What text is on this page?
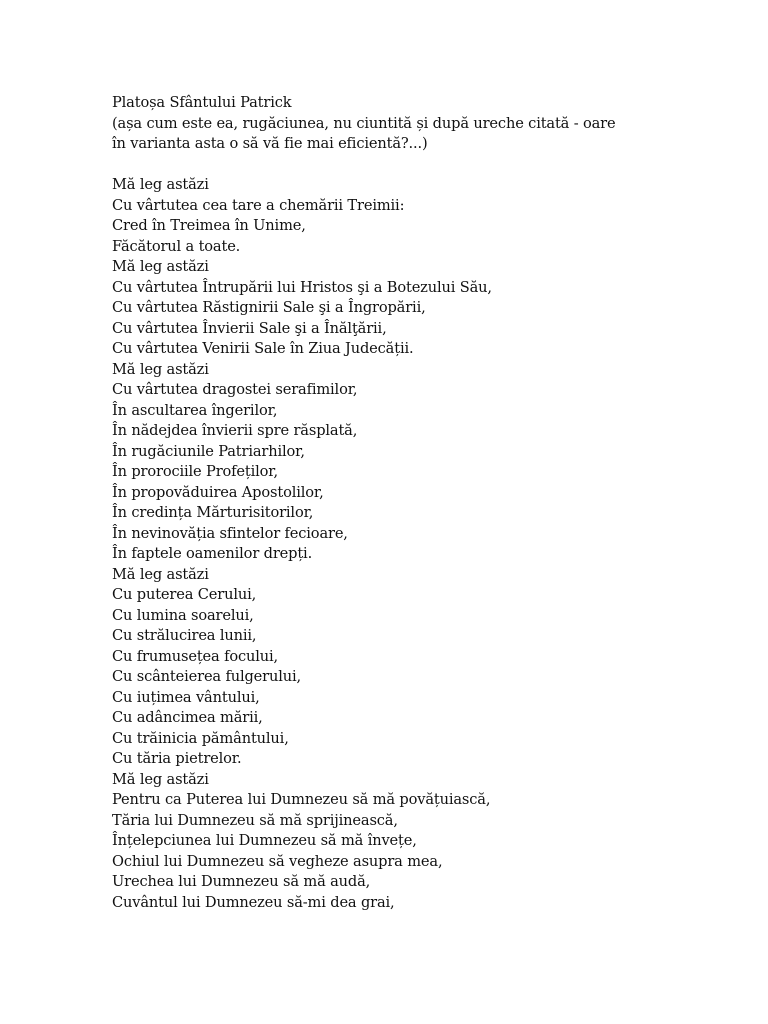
Platoșa Sfântului Patrick
(așa cum este ea, rugăciunea, nu ciuntită și după ureche citată - oare
în varianta asta o să vă fie mai eficientă?...)
Mă leg astăzi
Cu vârtutea cea tare a chemării Treimii:
Cred în Treimea în Unime,
Făcătorul a toate.
Mă leg astăzi
Cu vârtutea Întrupării lui Hristos şi a Botezului Său,
Cu vârtutea Răstignirii Sale şi a Îngropării,
Cu vârtutea Învierii Sale şi a Înălţării,
Cu vârtutea Venirii Sale în Ziua Judecății.
Mă leg astăzi
Cu vârtutea dragostei serafimilor,
În ascultarea îngerilor,
În nădejdea învierii spre răsplată,
În rugăciunile Patriarhilor,
În prorociile Profeților,
În propovăduirea Apostolilor,
În credința Mărturisitorilor,
În nevinovăția sfintelor fecioare,
În faptele oamenilor drepți.
Mă leg astăzi
Cu puterea Cerului,
Cu lumina soarelui,
Cu strălucirea lunii,
Cu frumusețea focului,
Cu scânteierea fulgerului,
Cu iuțimea vântului,
Cu adâncimea mării,
Cu trăinicia pământului,
Cu tăria pietrelor.
Mă leg astăzi
Pentru ca Puterea lui Dumnezeu să mă povățuiască,
Tăria lui Dumnezeu să mă sprijinească,
Înțelepciunea lui Dumnezeu să mă învețe,
Ochiul lui Dumnezeu să vegheze asupra mea,
Urechea lui Dumnezeu să mă audă,
Cuvântul lui Dumnezeu să-mi dea grai,
